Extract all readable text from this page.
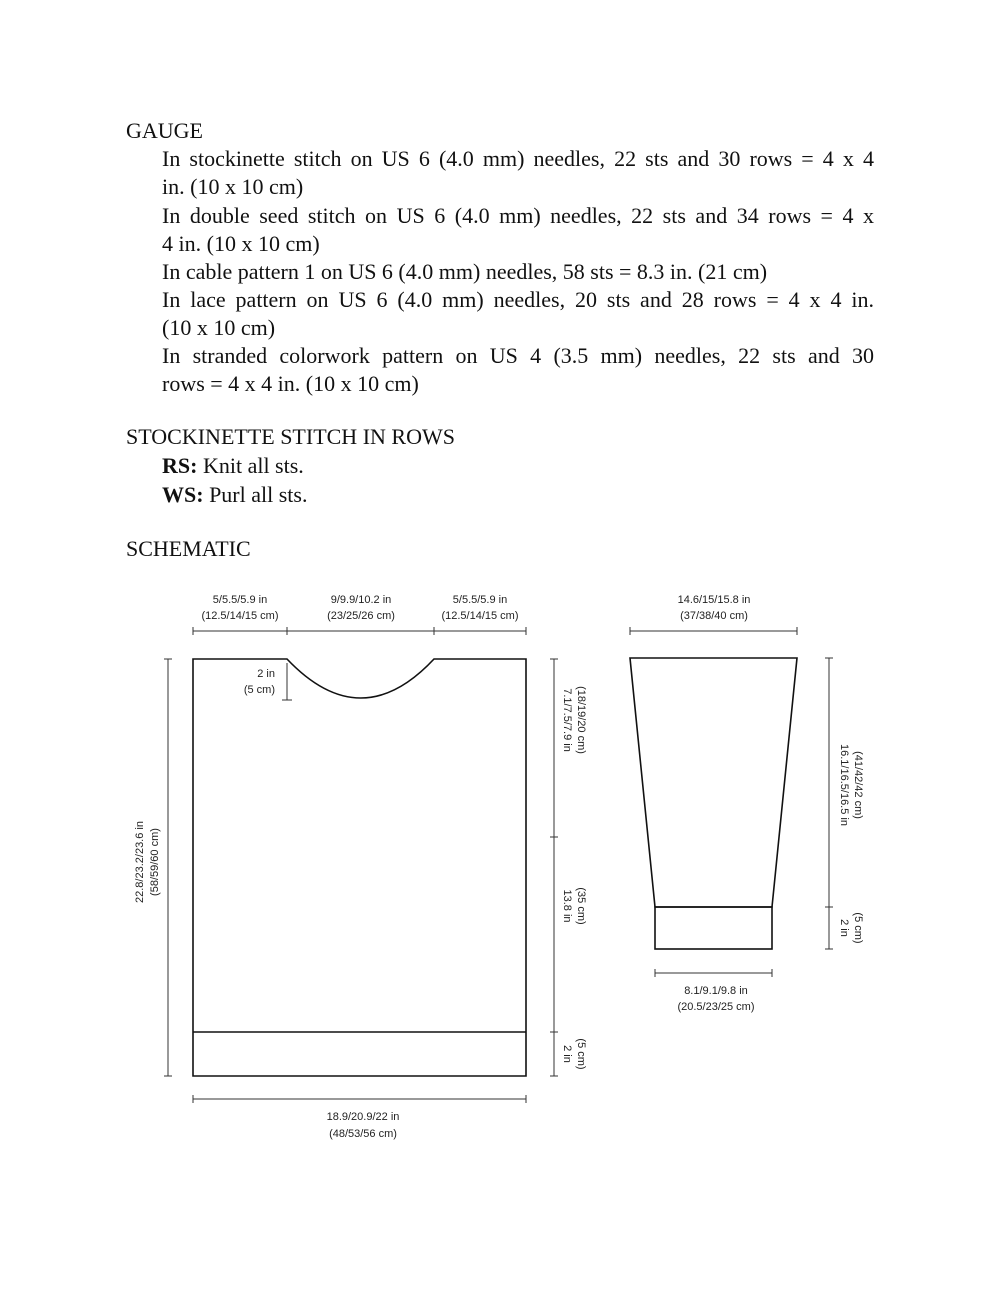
GAUGE
In stockinette stitch on US 6 (4.0 mm) needles, 22 sts and 30 rows = 4 x 4
in. (10 x 10 cm)
In double seed stitch on US 6 (4.0 mm) needles, 22 sts and 34 rows = 4 x
4 in. (10 x 10 cm)
In cable pattern 1 on US 6 (4.0 mm) needles, 58 sts = 8.3 in. (21 cm)
In lace pattern on US 6 (4.0 mm) needles, 20 sts and 28 rows = 4 x 4 in.
(10 x 10 cm)
In stranded colorwork pattern on US 4 (3.5 mm) needles, 22 sts and 30
rows = 4 x 4 in. (10 x 10 cm)
STOCKINETTE STITCH IN ROWS
RS: Knit all sts.
WS: Purl all sts.
SCHEMATIC
5/5.5/5.9 in
(12.5/14/15 cm)
9/9.9/10.2 in
(23/25/26 cm)
5/5.5/5.9 in
(12.5/14/15 cm)
2 in
(5 cm)
22.8/23.2/23.6 in (58/59/60 cm)
7.1/7.5/7.9 in (18/19/20 cm)
13.8 in (35 cm)
2 in (5 cm)
18.9/20.9/22 in
(48/53/56 cm)
14.6/15/15.8 in
(37/38/40 cm)
16.1/16.5/16.5 in (41/42/42 cm)
2 in (5 cm)
8.1/9.1/9.8 in
(20.5/23/25 cm)
